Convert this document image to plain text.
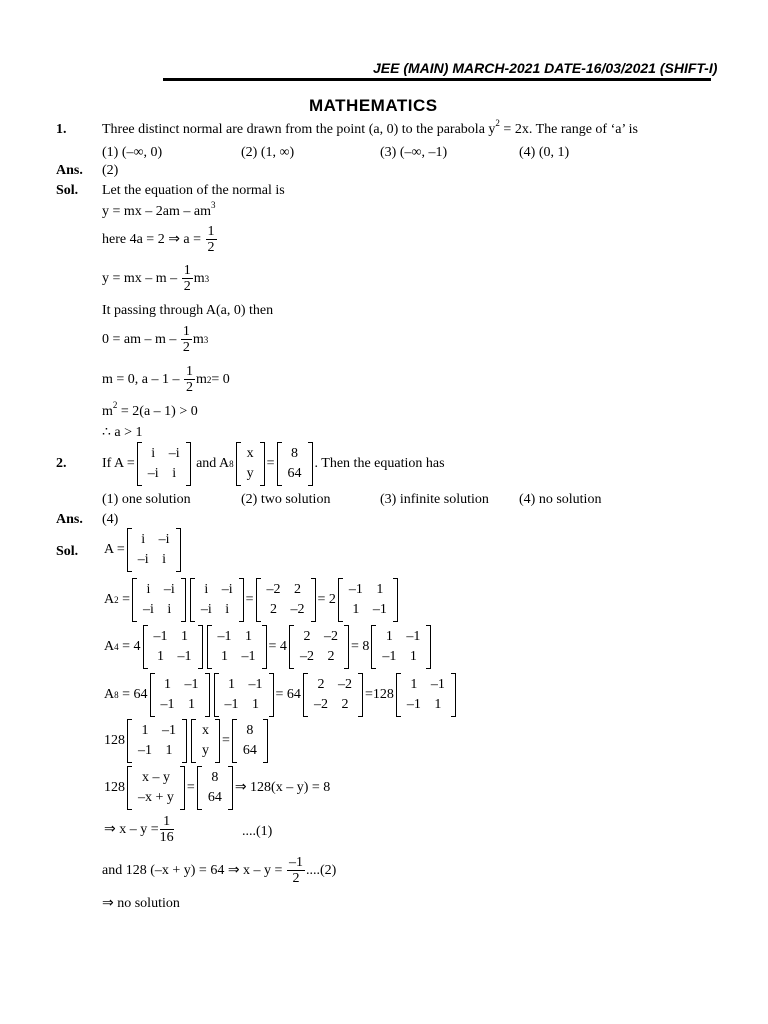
JEE (MAIN) MARCH-2021 DATE-16/03/2021 (SHIFT-I)
MATHEMATICS
1.	Three distinct normal are drawn from the point (a, 0) to the parabola $y^2 = 2x$. The range of ‘a’ is
(1) (–∞, 0)	(2) (1, ∞)	(3) (–∞, –1)	(4) (0, 1)
Ans. (2)
Sol. Let the equation of the normal is
y = mx – $2am - am^3$
here 4a = 2 ⇒ a =
$\frac{1}{2}$
y = mx – m –
$\frac{1}{2}$ m 3
It passing through A(a, 0) then
0 = am – m –
$\frac{1}{2}$ m 3
m = 0, a – 1 –
$\frac{1}{2}$ m 2 = 0
$m^2 = 2(a - 1) > 0$
∴ a > 1
2.	If A =
i	–i
–i	i

and A 8
x
y
=
8
64
. Then the equation has
(1) one solution	(2) two solution	(3) infinite solution (4) no solution
Ans. (4)
Sol. A =
i	–i
–i	i
A 2
=
i	–i
–i	i
i	–i
–i	i
=
–2	2
2	–2
= 2
–1	1
1	–1
A 4
= 4
–1	1
1	–1
–1	1
1	–1
= 4
2	–2
–2	2
= 8
1	–1
–1	1
A 8
= 64
1	–1
–1	1
1	–1
–1	1
= 64
2	–2
–2	2
=128
1	–1
–1	1
128
1	–1
–1	1
x
y
=
8
64
128
x – y
–x + y
=
8
64
⇒ 128(x – y) = 8
⇒ $x - y = \frac{1}{16}$	....(1)
and 128 (–x + y) = 64 ⇒ x – y =
$\frac{-1}{2} ....(2)$
⇒ no solution
